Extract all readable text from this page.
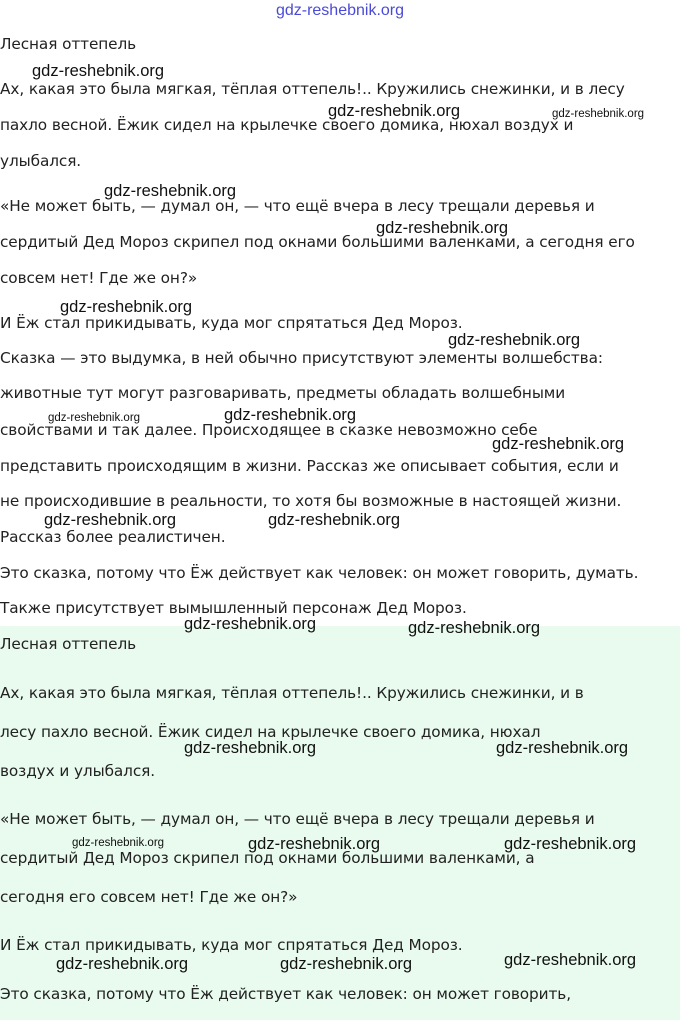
gdz-reshebnik.org
Лесная оттепель
Ах, какая это была мягкая, тёплая оттепель!.. Кружились снежинки, и в лесу
пахло весной. Ёжик сидел на крылечке своего домика, нюхал воздух и
улыбался.
«Не может быть, — думал он, — что ещё вчера в лесу трещали деревья и
сердитый Дед Мороз скрипел под окнами большими валенками, а сегодня его
совсем нет! Где же он?»
И Ёж стал прикидывать, куда мог спрятаться Дед Мороз.
Сказка — это выдумка, в ней обычно присутствуют элементы волшебства:
животные тут могут разговаривать, предметы обладать волшебными
свойствами и так далее. Происходящее в сказке невозможно себе
представить происходящим в жизни. Рассказ же описывает события, если и
не происходившие в реальности, то хотя бы возможные в настоящей жизни.
Рассказ более реалистичен.
Это сказка, потому что Ёж действует как человек: он может говорить, думать.
Также присутствует вымышленный персонаж Дед Мороз.
Лесная оттепель
Ах, какая это была мягкая, тёплая оттепель!.. Кружились снежинки, и в
лесу пахло весной. Ёжик сидел на крылечке своего домика, нюхал
воздух и улыбался.
«Не может быть, — думал он, — что ещё вчера в лесу трещали деревья и
сердитый Дед Мороз скрипел под окнами большими валенками, а
сегодня его совсем нет! Где же он?»
И Ёж стал прикидывать, куда мог спрятаться Дед Мороз.
Это сказка, потому что Ёж действует как человек: он может говорить,
gdz-reshebnik.org
gdz-reshebnik.org	gdz-reshebnik.org
gdz-reshebnik.org
gdz-reshebnik.org
gdz-reshebnik.org
gdz-reshebnik.org
gdz-reshebnik.org	gdz-reshebnik.org
gdz-reshebnik.org
gdz-reshebnik.org	gdz-reshebnik.org
gdz-reshebnik.org	gdz-reshebnik.org
gdz-reshebnik.org	gdz-reshebnik.org
gdz-reshebnik.org	gdz-reshebnik.org	gdz-reshebnik.org
gdz-reshebnik.org	gdz-reshebnik.org	gdz-reshebnik.org
